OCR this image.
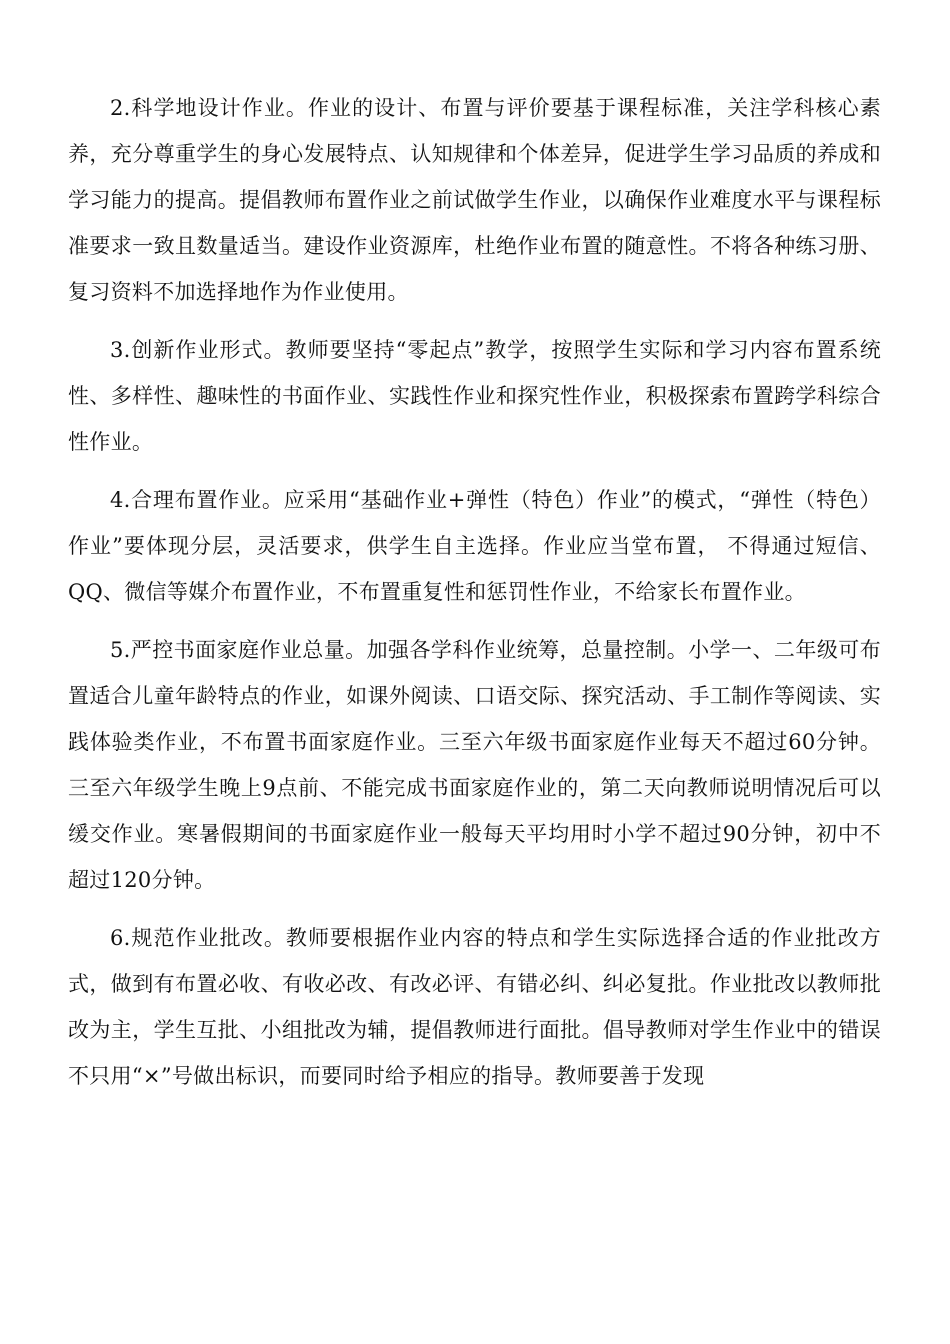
2.科学地设计作业。作业的设计、布置与评价要基于课程标准，关注学科核心素养，充分尊重学生的身心发展特点、认知规律和个体差异，促进学生学习品质的养成和学习能力的提高。提倡教师布置作业之前试做学生作业，以确保作业难度水平与课程标准要求一致且数量适当。建设作业资源库，杜绝作业布置的随意性。不将各种练习册、复习资料不加选择地作为作业使用。

3.创新作业形式。教师要坚持“零起点”教学，按照学生实际和学习内容布置系统性、多样性、趣味性的书面作业、实践性作业和探究性作业，积极探索布置跨学科综合性作业。

4.合理布置作业。应采用“基础作业+弹性（特色）作业”的模式，“弹性（特色）作业”要体现分层，灵活要求，供学生自主选择。作业应当堂布置， 不得通过短信、QQ、微信等媒介布置作业，不布置重复性和惩罚性作业，不给家长布置作业。

5.严控书面家庭作业总量。加强各学科作业统筹，总量控制。小学一、二年级可布置适合儿童年龄特点的作业，如课外阅读、口语交际、探究活动、手工制作等阅读、实践体验类作业，不布置书面家庭作业。三至六年级书面家庭作业每天不超过60分钟。三至六年级学生晚上9点前、不能完成书面家庭作业的，第二天向教师说明情况后可以缓交作业。寒暑假期间的书面家庭作业一般每天平均用时小学不超过90分钟，初中不超过120分钟。

6.规范作业批改。教师要根据作业内容的特点和学生实际选择合适的作业批改方式，做到有布置必收、有收必改、有改必评、有错必纠、纠必复批。作业批改以教师批改为主，学生互批、小组批改为辅，提倡教师进行面批。倡导教师对学生作业中的错误不只用“×”号做出标识，而要同时给予相应的指导。教师要善于发现
